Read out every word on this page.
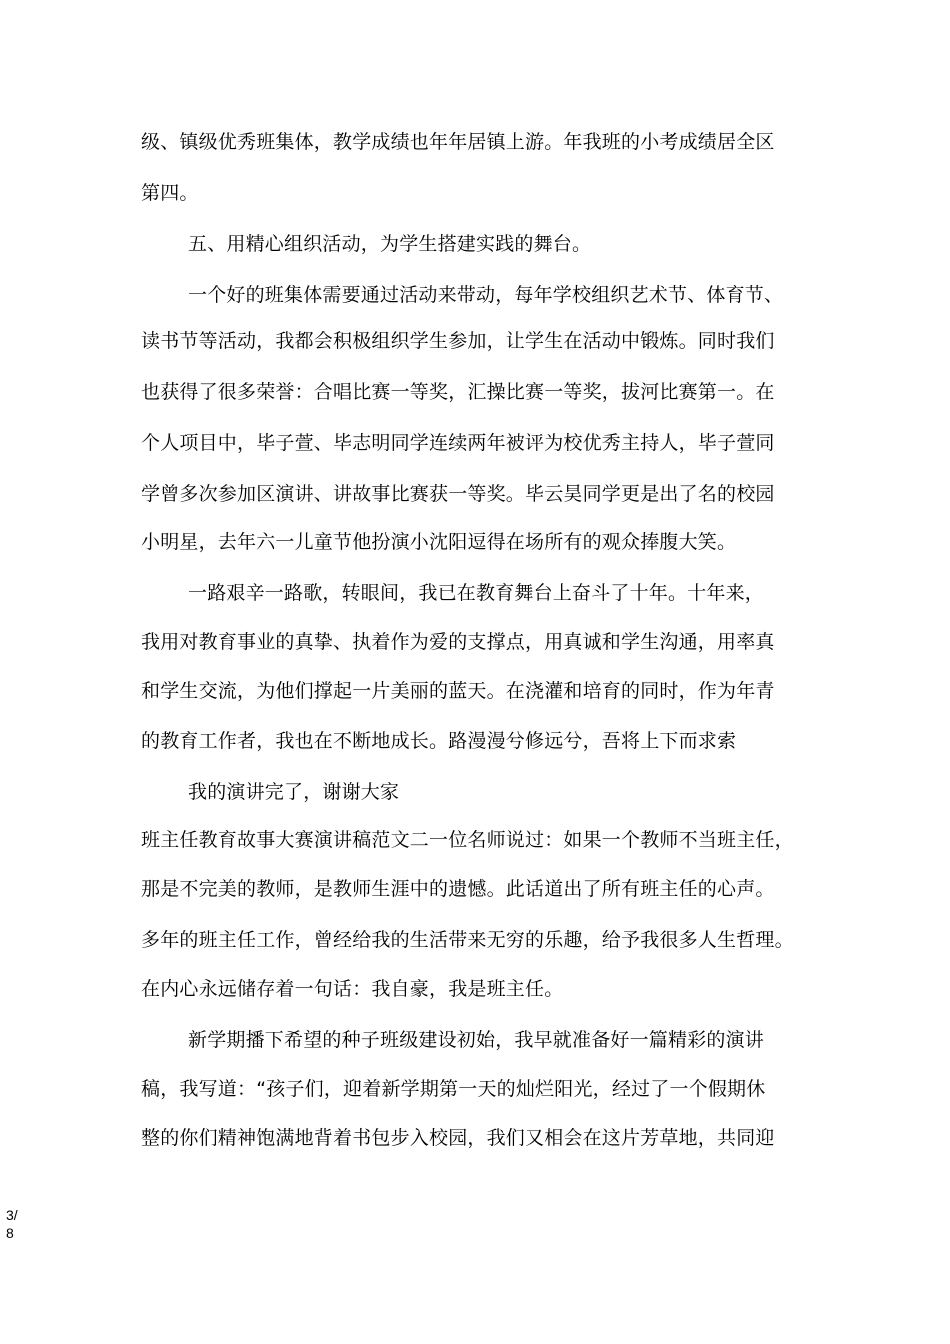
级、镇级优秀班集体，教学成绩也年年居镇上游。年我班的小考成绩居全区
第四。
五、用精心组织活动，为学生搭建实践的舞台。
一个好的班集体需要通过活动来带动，每年学校组织艺术节、体育节、
读书节等活动，我都会积极组织学生参加，让学生在活动中锻炼。同时我们
也获得了很多荣誉：合唱比赛一等奖，汇操比赛一等奖，拔河比赛第一。在
个人项目中，毕子萱、毕志明同学连续两年被评为校优秀主持人，毕子萱同
学曾多次参加区演讲、讲故事比赛获一等奖。毕云昊同学更是出了名的校园
小明星，去年六一儿童节他扮演小沈阳逗得在场所有的观众捧腹大笑。
一路艰辛一路歌，转眼间，我已在教育舞台上奋斗了十年。十年来，
我用对教育事业的真挚、执着作为爱的支撑点，用真诚和学生沟通，用率真
和学生交流，为他们撑起一片美丽的蓝天。在浇灌和培育的同时，作为年青
的教育工作者，我也在不断地成长。路漫漫兮修远兮，吾将上下而求索
我的演讲完了，谢谢大家
班主任教育故事大赛演讲稿范文二一位名师说过：如果一个教师不当班主任，
那是不完美的教师，是教师生涯中的遗憾。此话道出了所有班主任的心声。
多年的班主任工作，曾经给我的生活带来无穷的乐趣，给予我很多人生哲理。
在内心永远储存着一句话：我自豪，我是班主任。
新学期播下希望的种子班级建设初始，我早就准备好一篇精彩的演讲
稿，我写道：“孩子们，迎着新学期第一天的灿烂阳光，经过了一个假期休
整的你们精神饱满地背着书包步入校园，我们又相会在这片芳草地，共同迎
3/
8
